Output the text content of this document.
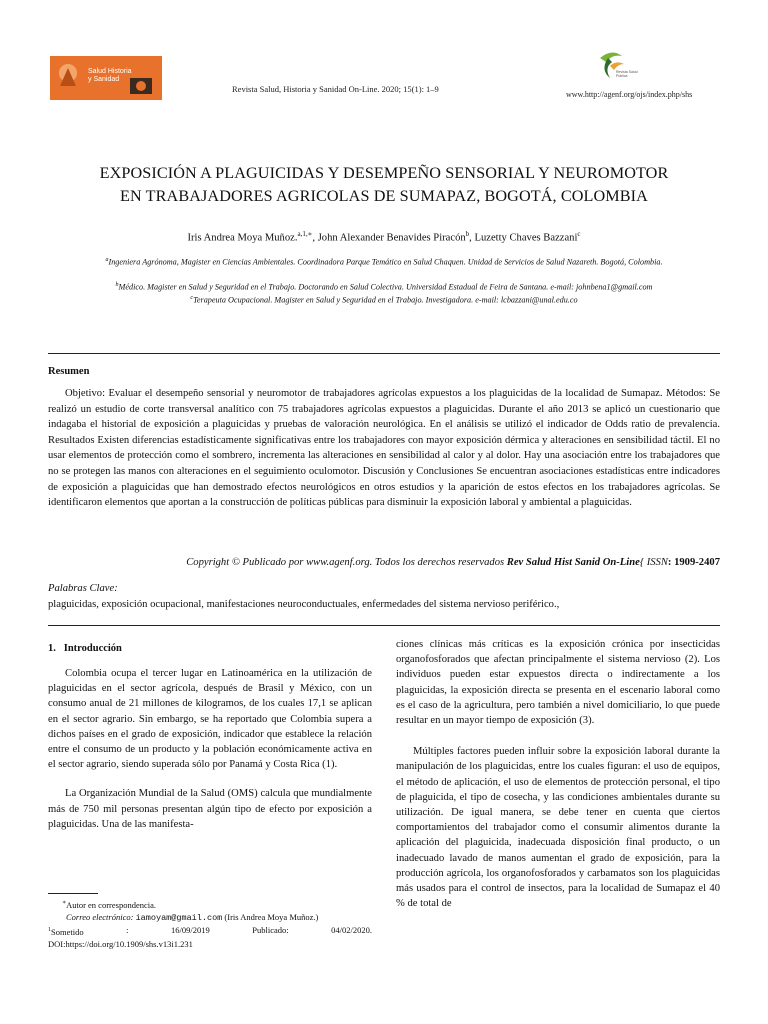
Salud Historia y Sanidad
Revista Salud Pública
Revista Salud, Historia y Sanidad On-Line. 2020; 15(1): 1–9
www.http://agenf.org/ojs/index.php/shs
EXPOSICIÓN A PLAGUICIDAS Y DESEMPEÑO SENSORIAL Y NEUROMOTOR
EN TRABAJADORES AGRICOLAS DE SUMAPAZ, BOGOTÁ, COLOMBIA
Iris Andrea Moya Muñoz.$^{a,1,∗}$, John Alexander Benavides Piracón$^b$, Luzetty Chaves Bazzani$^c$
$^a$Ingeniera Agrónoma, Magister en Ciencias Ambientales. Coordinadora Parque Temático en Salud Chaquen. Unidad de Servicios de Salud Nazareth. Bogotá, Colombia.
$^b$Médico. Magister en Salud y Seguridad en el Trabajo. Doctorando en Salud Colectiva. Universidad Estadual de Feira de Santana. e-mail: johnbena1@gmail.com
$^c$Terapeuta Ocupacional. Magister en Salud y Seguridad en el Trabajo. Investigadora. e-mail: lcbazzani@unal.edu.co
Resumen
Objetivo: Evaluar el desempeño sensorial y neuromotor de trabajadores agrícolas expuestos a los plaguicidas de la localidad de Sumapaz. Métodos: Se realizó un estudio de corte transversal analítico con 75 trabajadores agrícolas expuestos a plaguicidas. Durante el año 2013 se aplicó un cuestionario que indagaba el historial de exposición a plaguicidas y pruebas de valoración neurológica. En el análisis se utilizó el indicador de Odds ratio de prevalencia. Resultados Existen diferencias estadísticamente significativas entre los trabajadores con mayor exposición dérmica y alteraciones en sensibilidad táctil. El no usar elementos de protección como el sombrero, incrementa las alteraciones en sensibilidad al calor y al dolor. Hay una asociación entre los trabajadores que no se protegen las manos con alteraciones en el seguimiento oculomotor. Discusión y Conclusiones Se encuentran asociaciones estadísticas entre indicadores de exposición a plaguicidas que han demostrado efectos neurológicos en otros estudios y la aparición de estos efectos en los trabajadores agrícolas. Se identificaron elementos que aportan a la construcción de políticas públicas para disminuir la exposición laboral y ambiental a plaguicidas.
Copyright © Publicado por www.agenf.org. Todos los derechos reservados Rev Salud Hist Sanid On-Line{ ISSN: 1909-2407
Palabras Clave:
plaguicidas, exposición ocupacional, manifestaciones neuroconductuales, enfermedades del sistema nervioso periférico.,
1. Introducción

Colombia ocupa el tercer lugar en Latinoamérica en la utilización de plaguicidas en el sector agrícola, después de Brasil y México, con un consumo anual de 21 millones de kilogramos, de los cuales 17,1 se aplican en el sector agrario. Sin embargo, se ha reportado que Colombia supera a dichos países en el grado de exposición, indicador que establece la relación entre el consumo de un producto y la población económicamente activa en el sector agrario, siendo superada sólo por Panamá y Costa Rica (1).

La Organización Mundial de la Salud (OMS) calcula que mundialmente más de 750 mil personas presentan algún tipo de efecto por exposición a plaguicidas. Una de las manifesta-

∗Autor en correspondencia.
Correo electrónico: iamoyam@gmail.com (Iris Andrea Moya Muñoz.)
$^1$Sometido	:	16/09/2019	Publicado:	04/02/2020.
DOI:https://doi.org/10.1909/shs.v13i1.231

ciones clínicas más críticas es la exposición crónica por insecticidas organofosforados que afectan principalmente el sistema nervioso (2). Los individuos pueden estar expuestos directa o indirectamente a los plaguicidas, la exposición directa se presenta en el escenario laboral como es el caso de la agricultura, pero también a nivel domiciliario, lo que puede resultar en un mayor tiempo de exposición (3).

Múltiples factores pueden influir sobre la exposición laboral durante la manipulación de los plaguicidas, entre los cuales figuran: el uso de equipos, el método de aplicación, el uso de elementos de protección personal, el tipo de plaguicida, el tipo de cosecha, y las condiciones ambientales durante su utilización. De igual manera, se debe tener en cuenta que ciertos comportamientos del trabajador como el consumir alimentos durante la aplicación del plaguicida, inadecuada disposición final producto, o un inadecuado lavado de manos aumentan el grado de exposición, para la producción agrícola, los organofosforados y carbamatos son los plaguicidas más usados para el control de insectos, para la localidad de Sumapaz el 40 % de total de
